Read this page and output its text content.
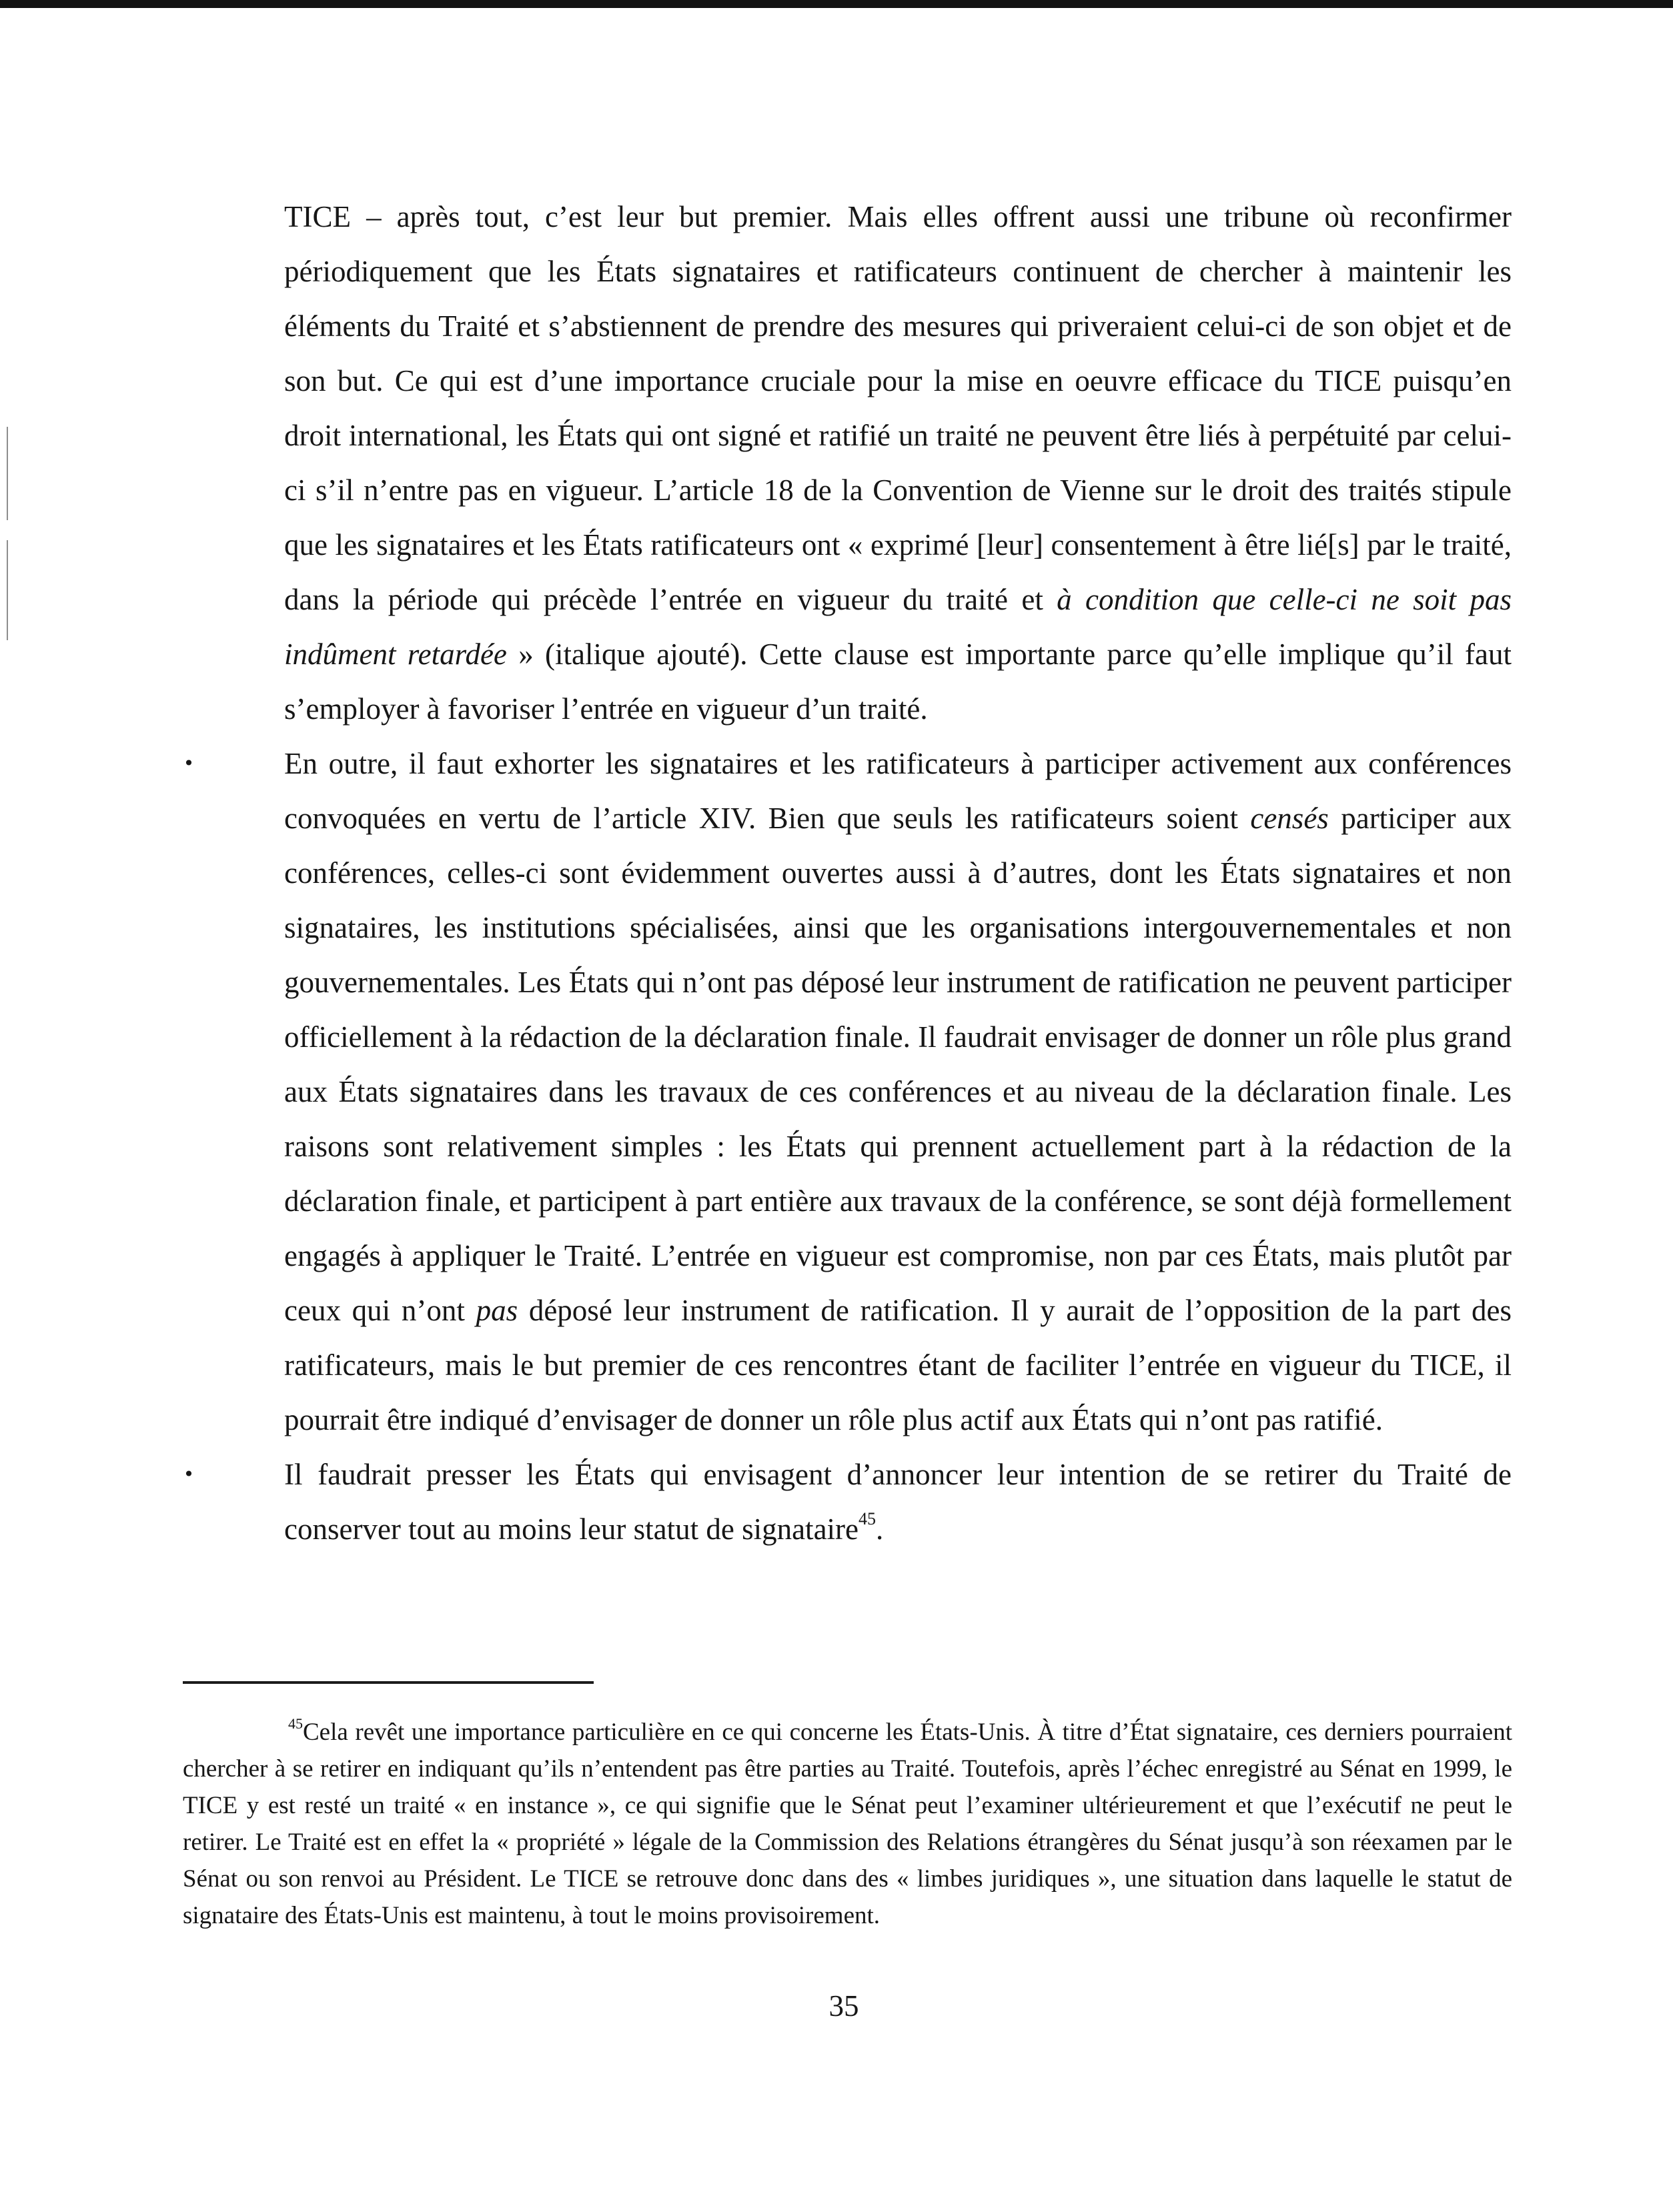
TICE – après tout, c’est leur but premier. Mais elles offrent aussi une tribune où reconfirmer périodiquement que les États signataires et ratificateurs continuent de chercher à maintenir les éléments du Traité et s’abstiennent de prendre des mesures qui priveraient celui-ci de son objet et de son but. Ce qui est d’une importance cruciale pour la mise en oeuvre efficace du TICE puisqu’en droit international, les États qui ont signé et ratifié un traité ne peuvent être liés à perpétuité par celui-ci s’il n’entre pas en vigueur. L’article 18 de la Convention de Vienne sur le droit des traités stipule que les signataires et les États ratificateurs ont « exprimé [leur] consentement à être lié[s] par le traité, dans la période qui précède l’entrée en vigueur du traité et à condition que celle-ci ne soit pas indûment retardée » (italique ajouté). Cette clause est importante parce qu’elle implique qu’il faut s’employer à favoriser l’entrée en vigueur d’un traité.

•	En outre, il faut exhorter les signataires et les ratificateurs à participer activement aux conférences convoquées en vertu de l’article XIV. Bien que seuls les ratificateurs soient censés participer aux conférences, celles-ci sont évidemment ouvertes aussi à d’autres, dont les États signataires et non signataires, les institutions spécialisées, ainsi que les organisations intergouvernementales et non gouvernementales. Les États qui n’ont pas déposé leur instrument de ratification ne peuvent participer officiellement à la rédaction de la déclaration finale. Il faudrait envisager de donner un rôle plus grand aux États signataires dans les travaux de ces conférences et au niveau de la déclaration finale. Les raisons sont relativement simples : les États qui prennent actuellement part à la rédaction de la déclaration finale, et participent à part entière aux travaux de la conférence, se sont déjà formellement engagés à appliquer le Traité. L’entrée en vigueur est compromise, non par ces États, mais plutôt par ceux qui n’ont pas déposé leur instrument de ratification. Il y aurait de l’opposition de la part des ratificateurs, mais le but premier de ces rencontres étant de faciliter l’entrée en vigueur du TICE, il pourrait être indiqué d’envisager de donner un rôle plus actif aux États qui n’ont pas ratifié.

•	Il faudrait presser les États qui envisagent d’annoncer leur intention de se retirer du Traité de conserver tout au moins leur statut de signataire$^{45}$.

$^{45}$Cela revêt une importance particulière en ce qui concerne les États-Unis. À titre d’État signataire, ces derniers pourraient chercher à se retirer en indiquant qu’ils n’entendent pas être parties au Traité. Toutefois, après l’échec enregistré au Sénat en 1999, le TICE y est resté un traité « en instance », ce qui signifie que le Sénat peut l’examiner ultérieurement et que l’exécutif ne peut le retirer. Le Traité est en effet la « propriété » légale de la Commission des Relations étrangères du Sénat jusqu’à son réexamen par le Sénat ou son renvoi au Président. Le TICE se retrouve donc dans des « limbes juridiques », une situation dans laquelle le statut de signataire des États-Unis est maintenu, à tout le moins provisoirement.

35
